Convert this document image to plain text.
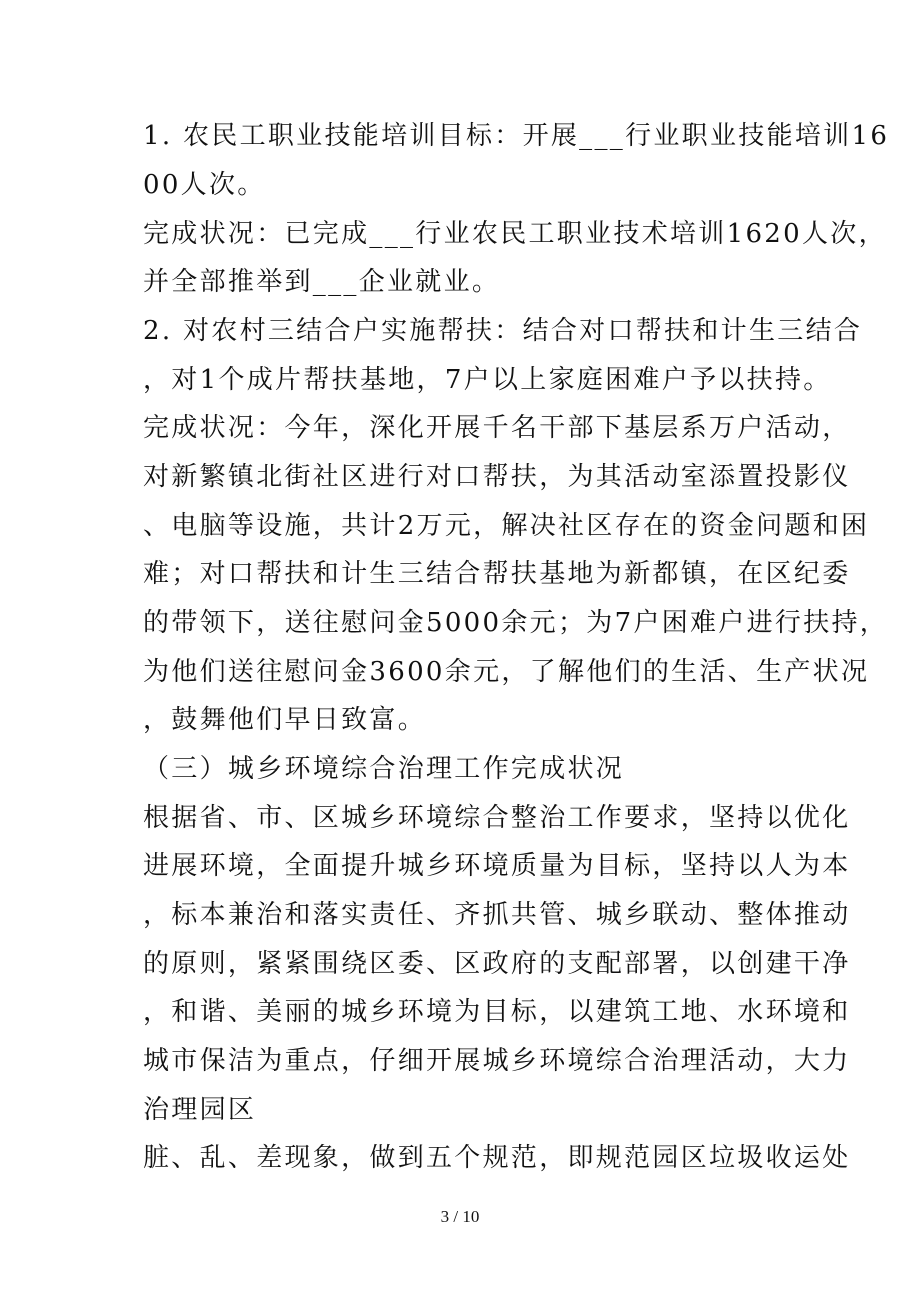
1. 农民工职业技能培训目标：开展___行业职业技能培训16
00人次。
完成状况：已完成___行业农民工职业技术培训1620人次，
并全部推举到___企业就业。
2. 对农村三结合户实施帮扶：结合对口帮扶和计生三结合
，对1个成片帮扶基地，7户以上家庭困难户予以扶持。
完成状况：今年，深化开展千名干部下基层系万户活动，
对新繁镇北街社区进行对口帮扶，为其活动室添置投影仪
、电脑等设施，共计2万元，解决社区存在的资金问题和困
难；对口帮扶和计生三结合帮扶基地为新都镇，在区纪委
的带领下，送往慰问金5000余元；为7户困难户进行扶持，
为他们送往慰问金3600余元，了解他们的生活、生产状况
，鼓舞他们早日致富。
（三）城乡环境综合治理工作完成状况
根据省、市、区城乡环境综合整治工作要求，坚持以优化
进展环境，全面提升城乡环境质量为目标，坚持以人为本
，标本兼治和落实责任、齐抓共管、城乡联动、整体推动
的原则，紧紧围绕区委、区政府的支配部署，以创建干净
，和谐、美丽的城乡环境为目标，以建筑工地、水环境和
城市保洁为重点，仔细开展城乡环境综合治理活动，大力
治理园区
脏、乱、差现象，做到五个规范，即规范园区垃圾收运处
3 / 10
